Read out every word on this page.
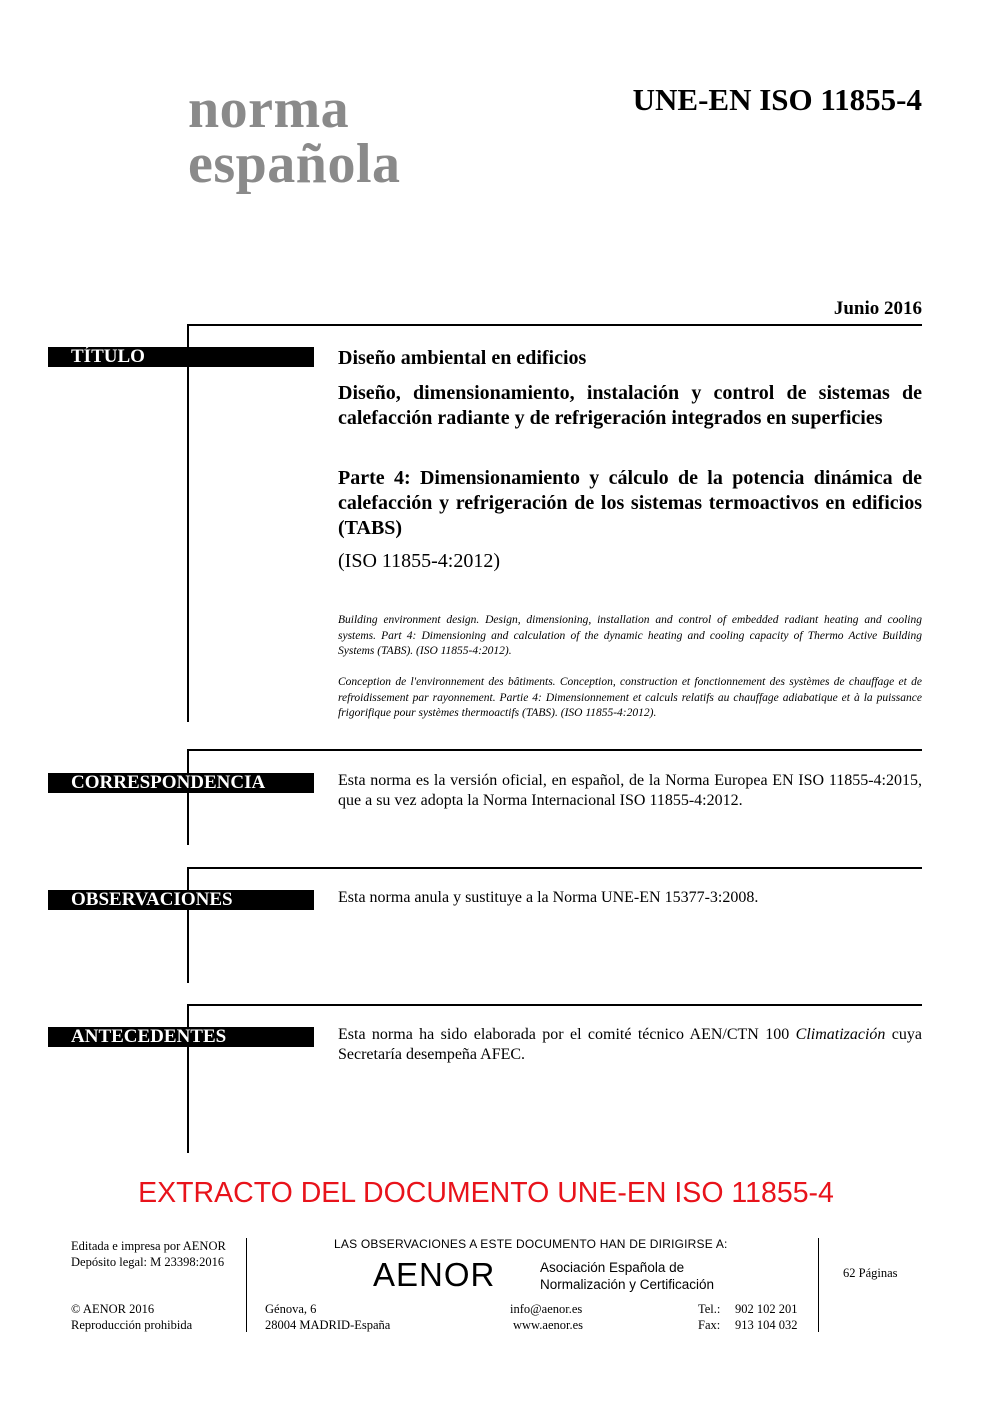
norma
española
UNE-EN ISO 11855-4
Junio 2016
TÍTULO	Diseño ambiental en edificios
Diseño, dimensionamiento, instalación y control de sistemas de calefacción radiante y de refrigeración integrados en superficies
Parte 4: Dimensionamiento y cálculo de la potencia dinámica de calefacción y refrigeración de los sistemas termoactivos en edificios (TABS)
(ISO 11855-4:2012)
Building environment design. Design, dimensioning, installation and control of embedded radiant heating and cooling systems. Part 4: Dimensioning and calculation of the dynamic heating and cooling capacity of Thermo Active Building Systems (TABS). (ISO 11855-4:2012).
Conception de l'environnement des bâtiments. Conception, construction et fonctionnement des systèmes de chauffage et de refroidissement par rayonnement. Partie 4: Dimensionnement et calculs relatifs au chauffage adiabatique et à la puissance frigorifique pour systèmes thermoactifs (TABS). (ISO 11855-4:2012).
CORRESPONDENCIA	Esta norma es la versión oficial, en español, de la Norma Europea EN ISO 11855-4:2015, que a su vez adopta la Norma Internacional ISO 11855-4:2012.
OBSERVACIONES	Esta norma anula y sustituye a la Norma UNE-EN 15377-3:2008.
ANTECEDENTES	Esta norma ha sido elaborada por el comité técnico AEN/CTN 100 Climatización cuya Secretaría desempeña AFEC.
EXTRACTO DEL DOCUMENTO UNE-EN ISO 11855-4
Editada e impresa por AENOR
Depósito legal: M 23398:2016
© AENOR 2016
Reproducción prohibida
LAS OBSERVACIONES A ESTE DOCUMENTO HAN DE DIRIGIRSE A:
AENOR	Asociación Española de
Normalización y Certificación
Génova, 6
28004 MADRID-España
info@aenor.es
www.aenor.es
Tel.: 902 102 201
Fax: 913 104 032
62 Páginas
